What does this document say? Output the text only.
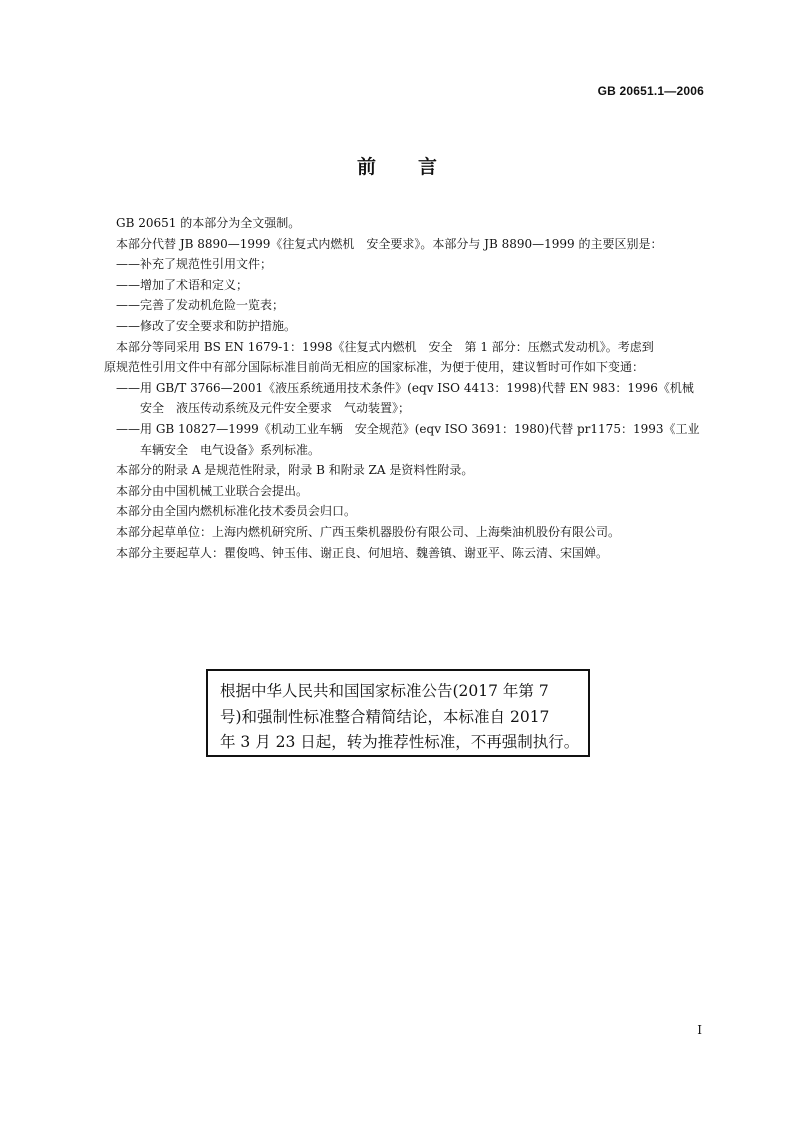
GB 20651.1—2006
前言

GB 20651 的本部分为全文强制。

本部分代替 JB 8890—1999《往复式内燃机　安全要求》。本部分与 JB 8890—1999 的主要区别是：

——补充了规范性引用文件；

——增加了术语和定义；

——完善了发动机危险一览表；

——修改了安全要求和防护措施。

本部分等同采用 BS EN 1679-1：1998《往复式内燃机　安全　第 1 部分：压燃式发动机》。考虑到

原规范性引用文件中有部分国际标准目前尚无相应的国家标准，为便于使用，建议暂时可作如下变通：

——用 GB/T 3766—2001《液压系统通用技术条件》(eqv ISO 4413：1998)代替 EN 983：1996《机械

安全　液压传动系统及元件安全要求　气动装置》；

——用 GB 10827—1999《机动工业车辆　安全规范》(eqv ISO 3691：1980)代替 pr1175：1993《工业

车辆安全　电气设备》系列标准。

本部分的附录 A 是规范性附录，附录 B 和附录 ZA 是资料性附录。

本部分由中国机械工业联合会提出。

本部分由全国内燃机标准化技术委员会归口。

本部分起草单位：上海内燃机研究所、广西玉柴机器股份有限公司、上海柴油机股份有限公司。

本部分主要起草人：瞿俊鸣、钟玉伟、谢正良、何旭培、魏善镇、谢亚平、陈云清、宋国婵。

根据中华人民共和国国家标准公告(2017 年第 7

号)和强制性标准整合精简结论，本标准自 2017

年 3 月 23 日起，转为推荐性标准，不再强制执行。

I
